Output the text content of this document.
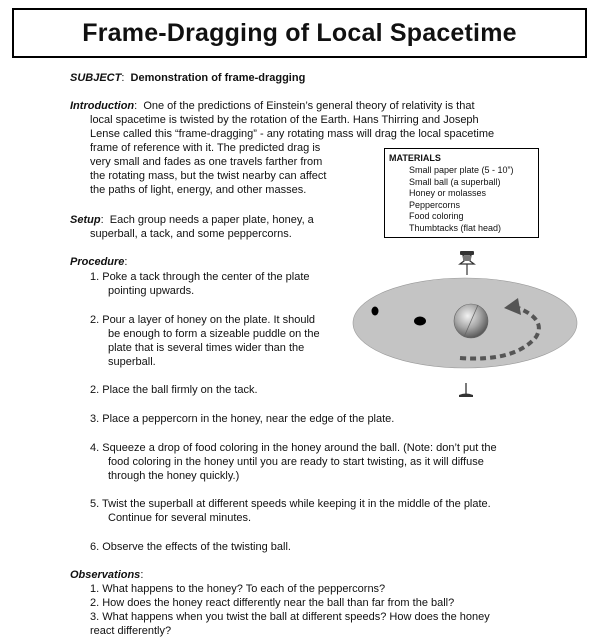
Frame-Dragging of Local Spacetime
SUBJECT:  Demonstration of frame-dragging
Introduction:  One of the predictions of Einstein’s general theory of relativity is that
local spacetime is twisted by the rotation of the Earth. Hans Thirring and Joseph
Lense called this “frame-dragging” - any rotating mass will drag the local spacetime
frame of reference with it. The predicted drag is
very small and fades as one travels farther from
the rotating mass, but the twist nearby can affect
the paths of light, energy, and other masses.
MATERIALS
Small paper plate (5 - 10”)
Small ball (a superball)
Honey or molasses
Peppercorns
Food coloring
Thumbtacks (flat head)
Setup:  Each group needs a paper plate, honey, a
superball, a tack, and some peppercorns.
Procedure:
1. Poke a tack through the center of the plate
pointing upwards.
2. Pour a layer of honey on the plate. It should
be enough to form a sizeable puddle on the
plate that is several times wider than the
superball.
2. Place the ball firmly on the tack.
3. Place a peppercorn in the honey, near the edge of the plate.
4. Squeeze a drop of food coloring in the honey around the ball. (Note: don’t put the
food coloring in the honey until you are ready to start twisting, as it will diffuse
through the honey quickly.)
5. Twist the superball at different speeds while keeping it in the middle of the plate.
Continue for several minutes.
6. Observe the effects of the twisting ball.
Observations:
1. What happens to the honey? To each of the peppercorns?
2. How does the honey react differently near the ball than far from the ball?
3. What happens when you twist the ball at different speeds? How does the honey
react differently?
